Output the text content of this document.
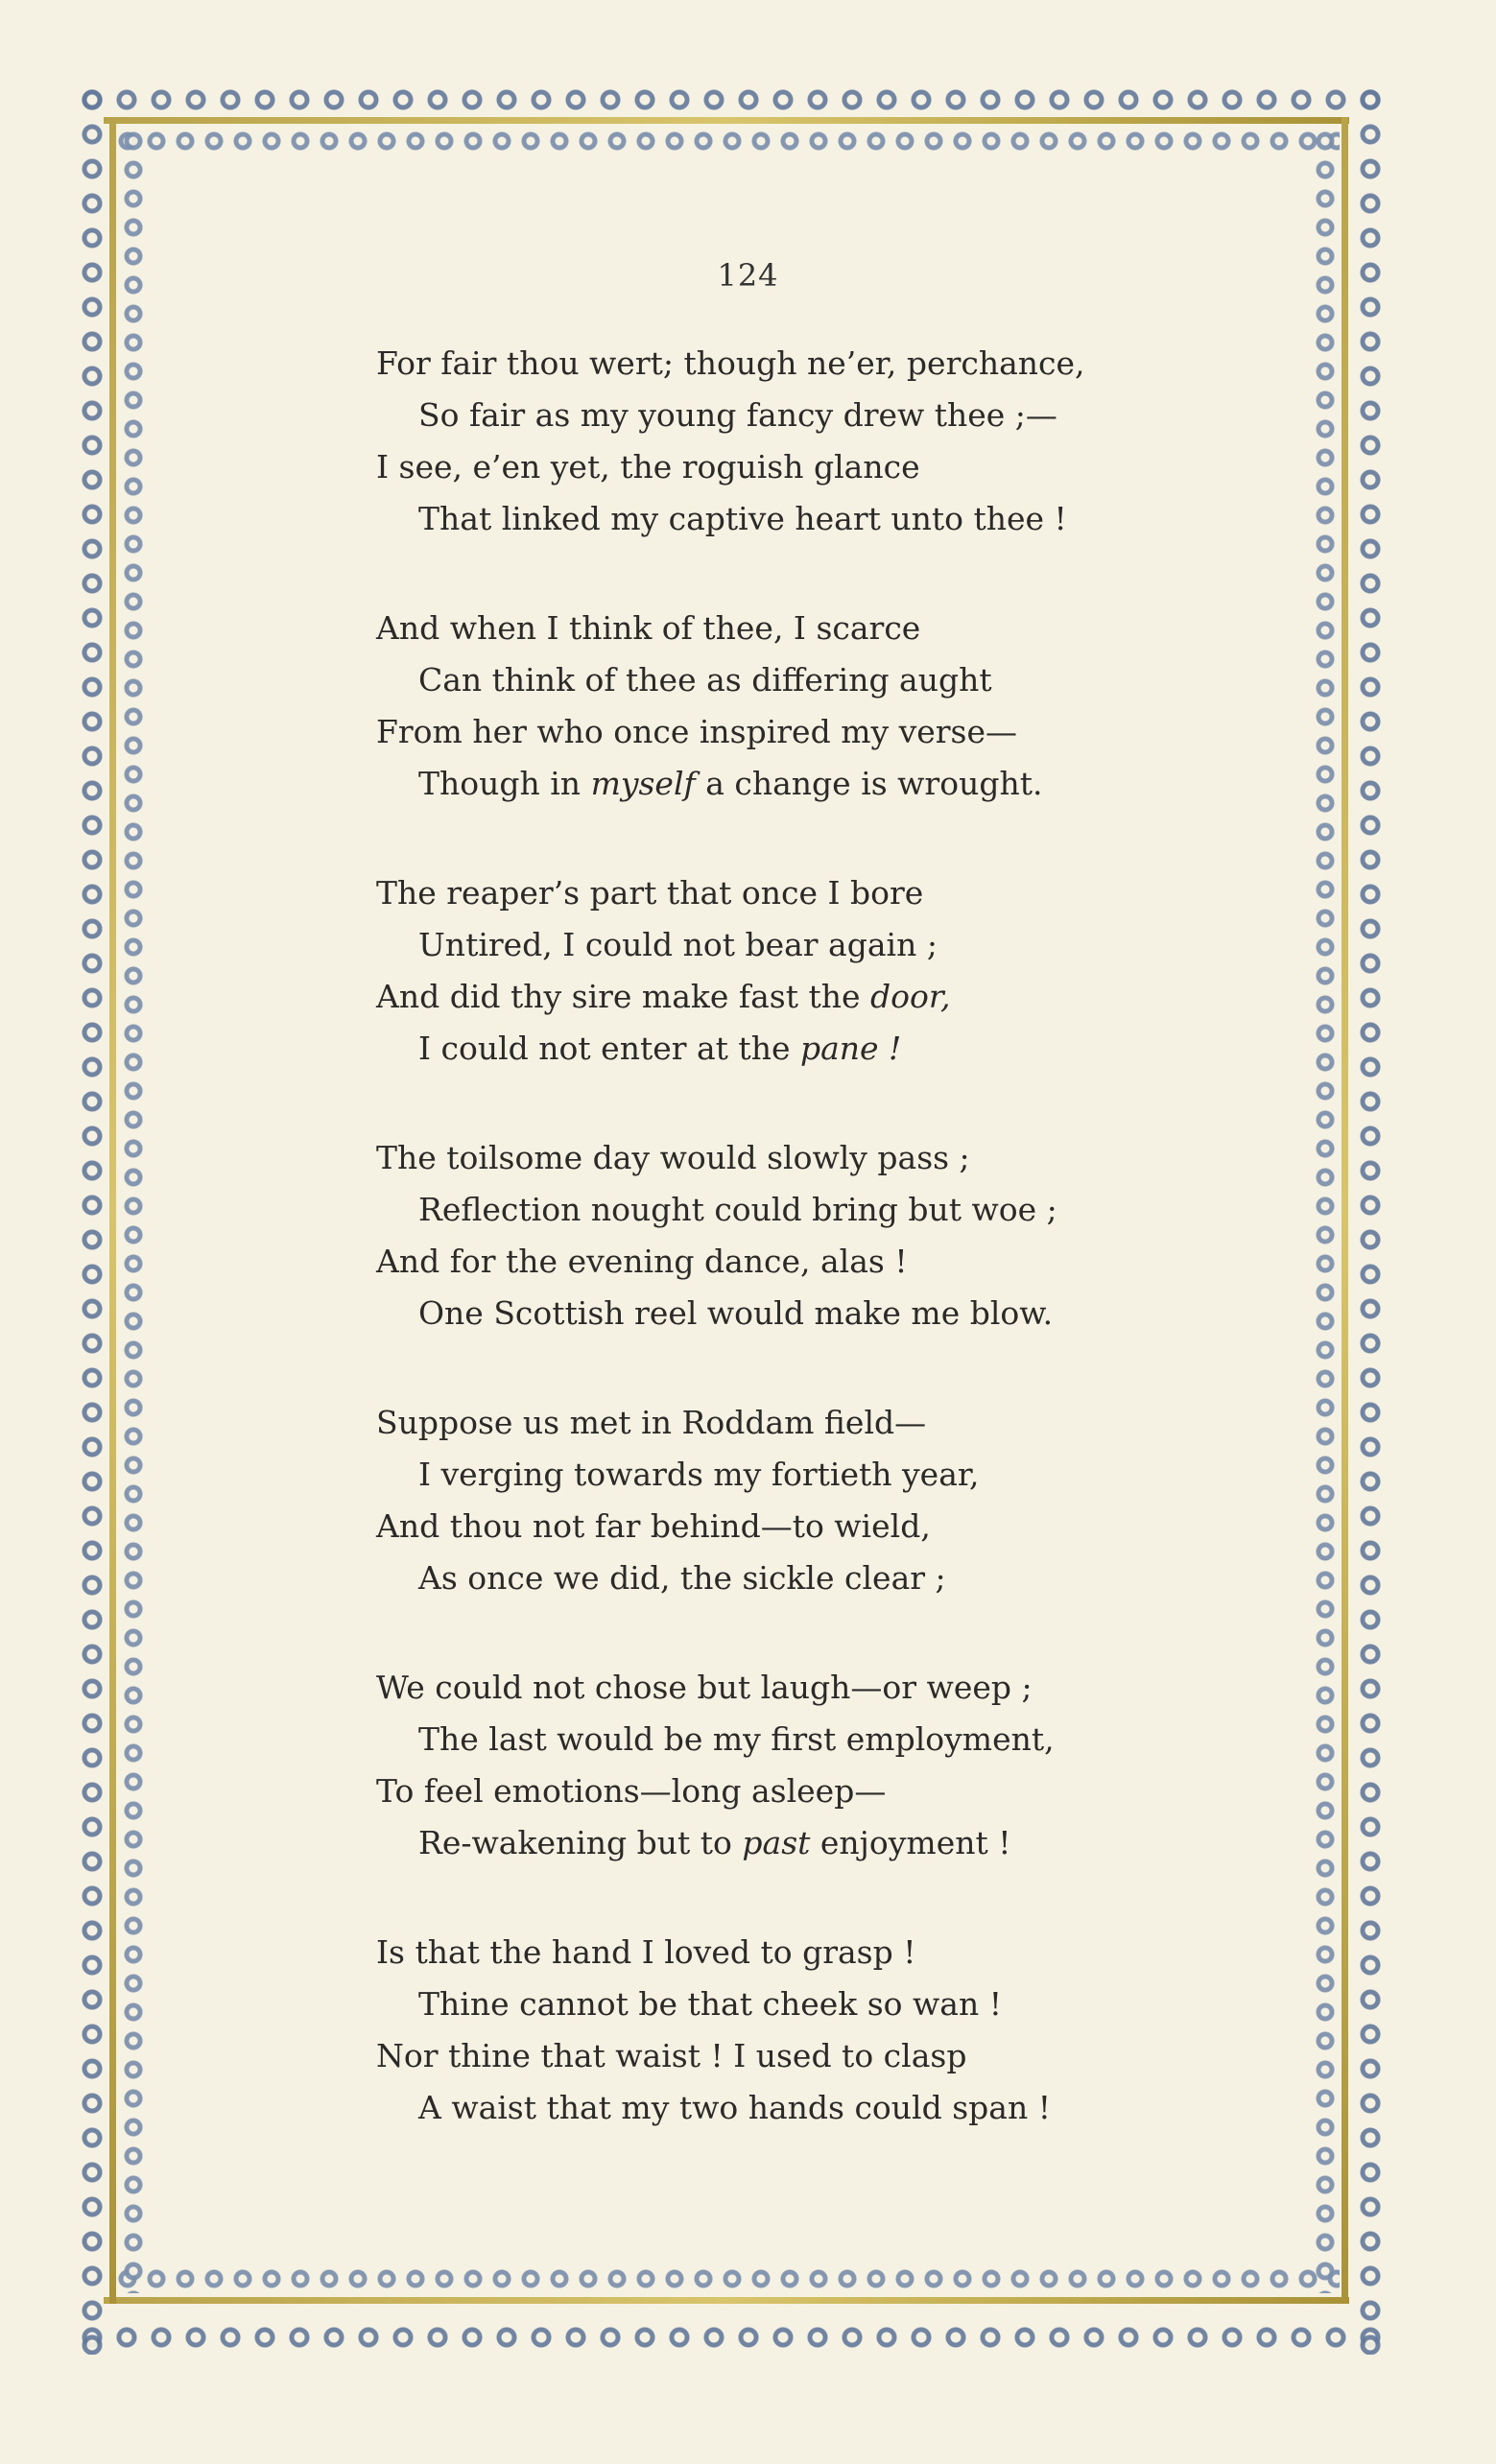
124
For fair thou wert; though ne’er, perchance,
So fair as my young fancy drew thee ;—
I see, e’en yet, the roguish glance
That linked my captive heart unto thee !
And when I think of thee, I scarce
Can think of thee as differing aught
From her who once inspired my verse—
Though in myself a change is wrought.
The reaper’s part that once I bore
Untired, I could not bear again ;
And did thy sire make fast the door,
I could not enter at the pane !
The toilsome day would slowly pass ;
Reflection nought could bring but woe ;
And for the evening dance, alas !
One Scottish reel would make me blow.
Suppose us met in Roddam field—
I verging towards my fortieth year,
And thou not far behind—to wield,
As once we did, the sickle clear ;
We could not chose but laugh—or weep ;
The last would be my first employment,
To feel emotions—long asleep—
Re-wakening but to past enjoyment !
Is that the hand I loved to grasp !
Thine cannot be that cheek so wan !
Nor thine that waist ! I used to clasp
A waist that my two hands could span !
